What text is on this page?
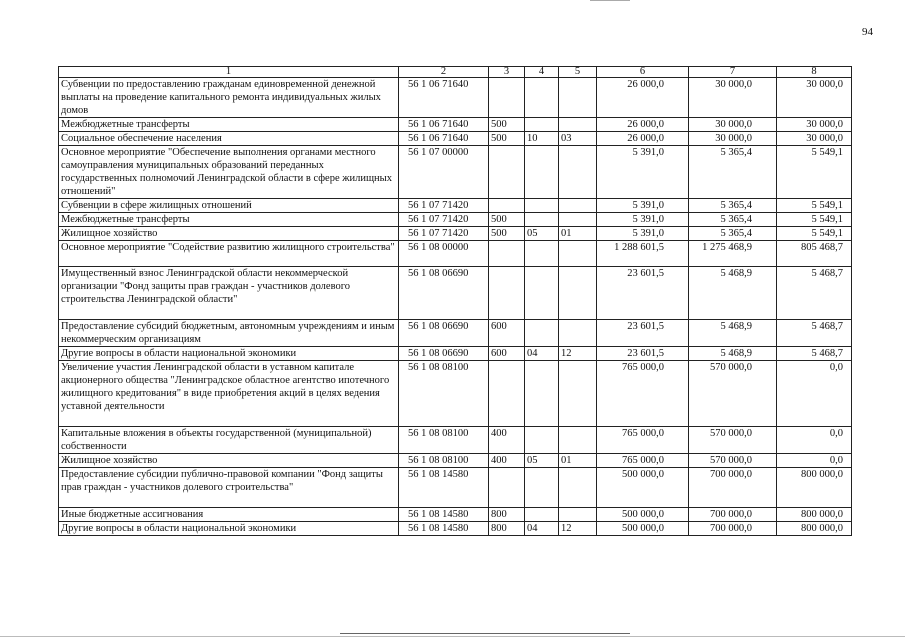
94
1	2	3	4	5	6	7	8
Субвенции по предоставлению гражданам единовременной денежной выплаты на проведение капитального ремонта индивидуальных жилых домов	56 1 06 71640				26 000,0	30 000,0	30 000,0
Межбюджетные трансферты	56 1 06 71640	500			26 000,0	30 000,0	30 000,0
Социальное обеспечение населения	56 1 06 71640	500	10	03	26 000,0	30 000,0	30 000,0
Основное мероприятие "Обеспечение выполнения органами местного самоуправления муниципальных образований переданных государственных полномочий Ленинградской области в сфере жилищных отношений"	56 1 07 00000				5 391,0	5 365,4	5 549,1
Субвенции в сфере жилищных отношений	56 1 07 71420				5 391,0	5 365,4	5 549,1
Межбюджетные трансферты	56 1 07 71420	500			5 391,0	5 365,4	5 549,1
Жилищное хозяйство	56 1 07 71420	500	05	01	5 391,0	5 365,4	5 549,1
Основное мероприятие "Содействие развитию жилищного строительства"	56 1 08 00000				1 288 601,5	1 275 468,9	805 468,7
Имущественный взнос Ленинградской области некоммерческой организации "Фонд защиты прав граждан - участников долевого строительства Ленинградской области"	56 1 08 06690				23 601,5	5 468,9	5 468,7
Предоставление субсидий бюджетным, автономным учреждениям и иным некоммерческим организациям	56 1 08 06690	600			23 601,5	5 468,9	5 468,7
Другие вопросы в области национальной экономики	56 1 08 06690	600	04	12	23 601,5	5 468,9	5 468,7
Увеличение участия Ленинградской области в уставном капитале акционерного общества "Ленинградское областное агентство ипотечного жилищного кредитования" в виде приобретения акций в целях ведения уставной деятельности	56 1 08 08100				765 000,0	570 000,0	0,0
Капитальные вложения в объекты государственной (муниципальной) собственности	56 1 08 08100	400			765 000,0	570 000,0	0,0
Жилищное хозяйство	56 1 08 08100	400	05	01	765 000,0	570 000,0	0,0
Предоставление субсидии публично-правовой компании "Фонд защиты прав граждан - участников долевого строительства"	56 1 08 14580				500 000,0	700 000,0	800 000,0
Иные бюджетные ассигнования	56 1 08 14580	800			500 000,0	700 000,0	800 000,0
Другие вопросы в области национальной экономики	56 1 08 14580	800	04	12	500 000,0	700 000,0	800 000,0
